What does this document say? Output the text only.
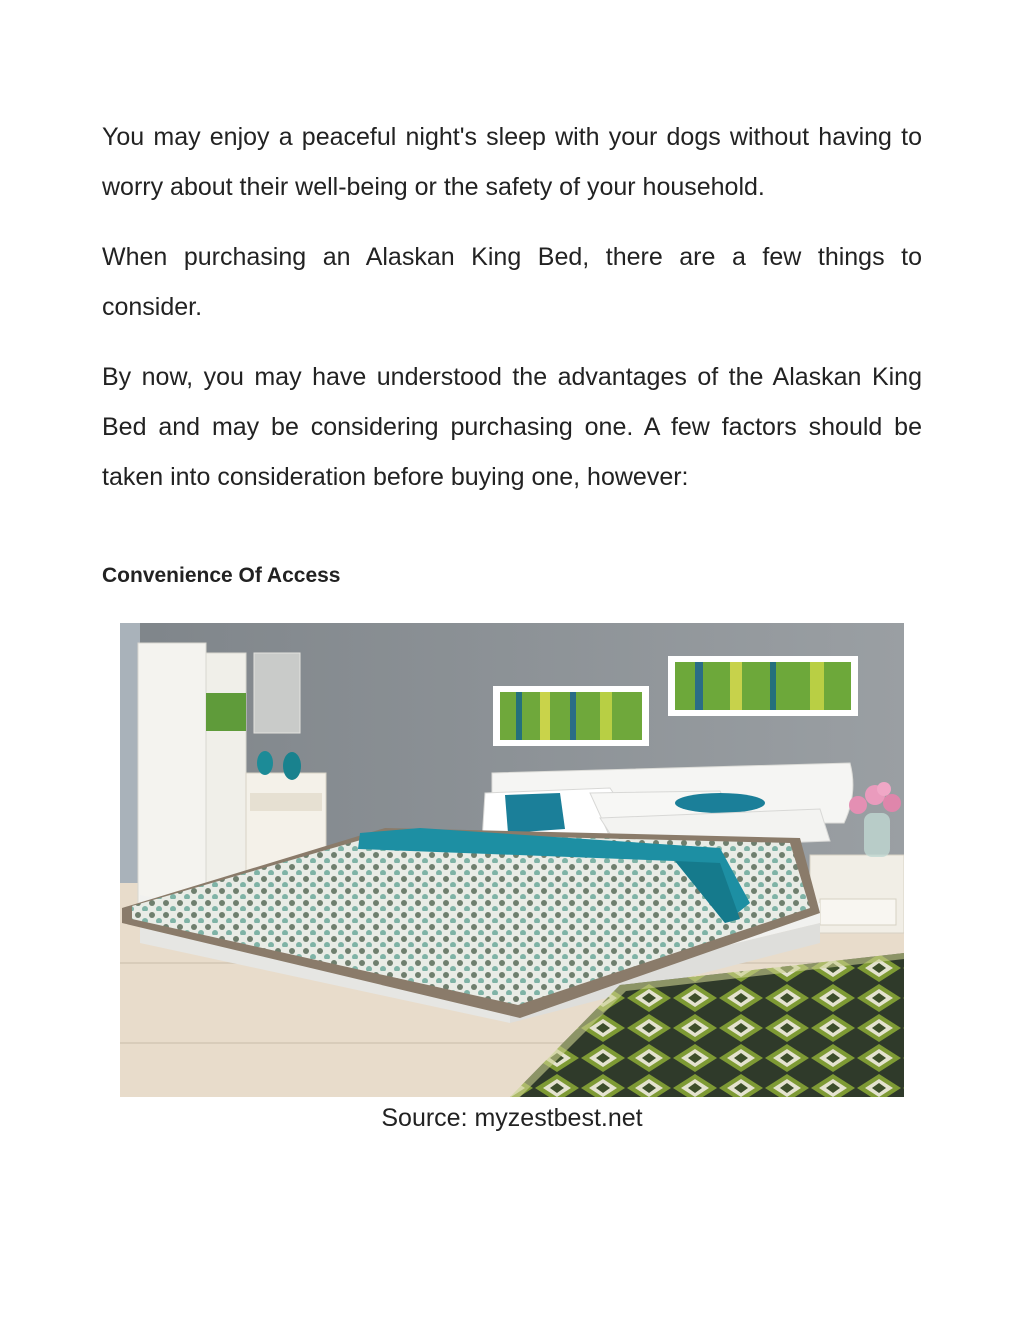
You may enjoy a peaceful night's sleep with your dogs without having to worry about their well-being or the safety of your household.

When purchasing an Alaskan King Bed, there are a few things to consider.

By now, you may have understood the advantages of the Alaskan King Bed and may be considering purchasing one. A few factors should be taken into consideration before buying one, however:

Convenience Of Access
Source: myzestbest.net
